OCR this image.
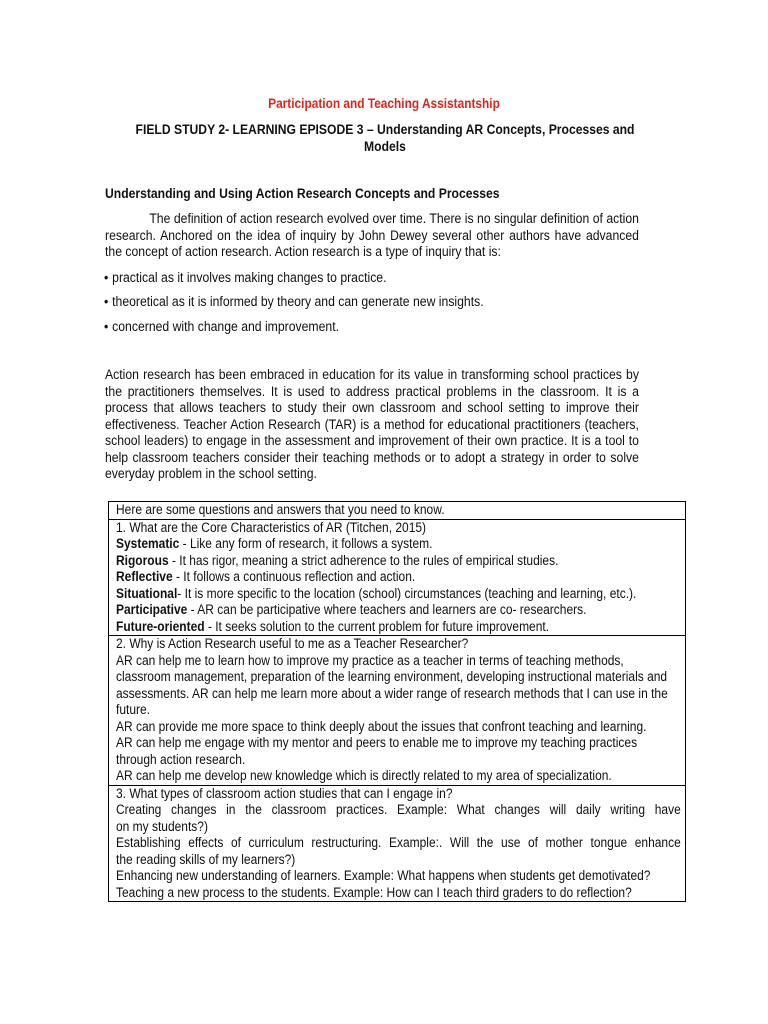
Participation and Teaching Assistantship
FIELD STUDY 2- LEARNING EPISODE 3 – Understanding AR Concepts, Processes and Models
Understanding and Using Action Research Concepts and Processes
The definition of action research evolved over time. There is no singular definition of action research. Anchored on the idea of inquiry by John Dewey several other authors have advanced the concept of action research. Action research is a type of inquiry that is:
• practical as it involves making changes to practice.
• theoretical as it is informed by theory and can generate new insights.
• concerned with change and improvement.
Action research has been embraced in education for its value in transforming school practices by the practitioners themselves. It is used to address practical problems in the classroom. It is a process that allows teachers to study their own classroom and school setting to improve their effectiveness. Teacher Action Research (TAR) is a method for educational practitioners (teachers, school leaders) to engage in the assessment and improvement of their own practice. It is a tool to help classroom teachers consider their teaching methods or to adopt a strategy in order to solve everyday problem in the school setting.
Here are some questions and answers that you need to know.
1. What are the Core Characteristics of AR (Titchen, 2015)
Systematic - Like any form of research, it follows a system.
Rigorous - It has rigor, meaning a strict adherence to the rules of empirical studies.
Reflective - It follows a continuous reflection and action.
Situational- It is more specific to the location (school) circumstances (teaching and learning, etc.).
Participative - AR can be participative where teachers and learners are co- researchers.
Future-oriented - It seeks solution to the current problem for future improvement.
2. Why is Action Research useful to me as a Teacher Researcher?
AR can help me to learn how to improve my practice as a teacher in terms of teaching methods,
classroom management, preparation of the learning environment, developing instructional materials and
assessments. AR can help me learn more about a wider range of research methods that I can use in the
future.
AR can provide me more space to think deeply about the issues that confront teaching and learning.
AR can help me engage with my mentor and peers to enable me to improve my teaching practices
through action research.
AR can help me develop new knowledge which is directly related to my area of specialization.
3. What types of classroom action studies that can I engage in?
Creating changes in the classroom practices. Example: What changes will daily writing have
on my students?)
Establishing effects of curriculum restructuring. Example:. Will the use of mother tongue enhance
the reading skills of my learners?)
Enhancing new understanding of learners. Example: What happens when students get demotivated?
Teaching a new process to the students. Example: How can I teach third graders to do reflection?
